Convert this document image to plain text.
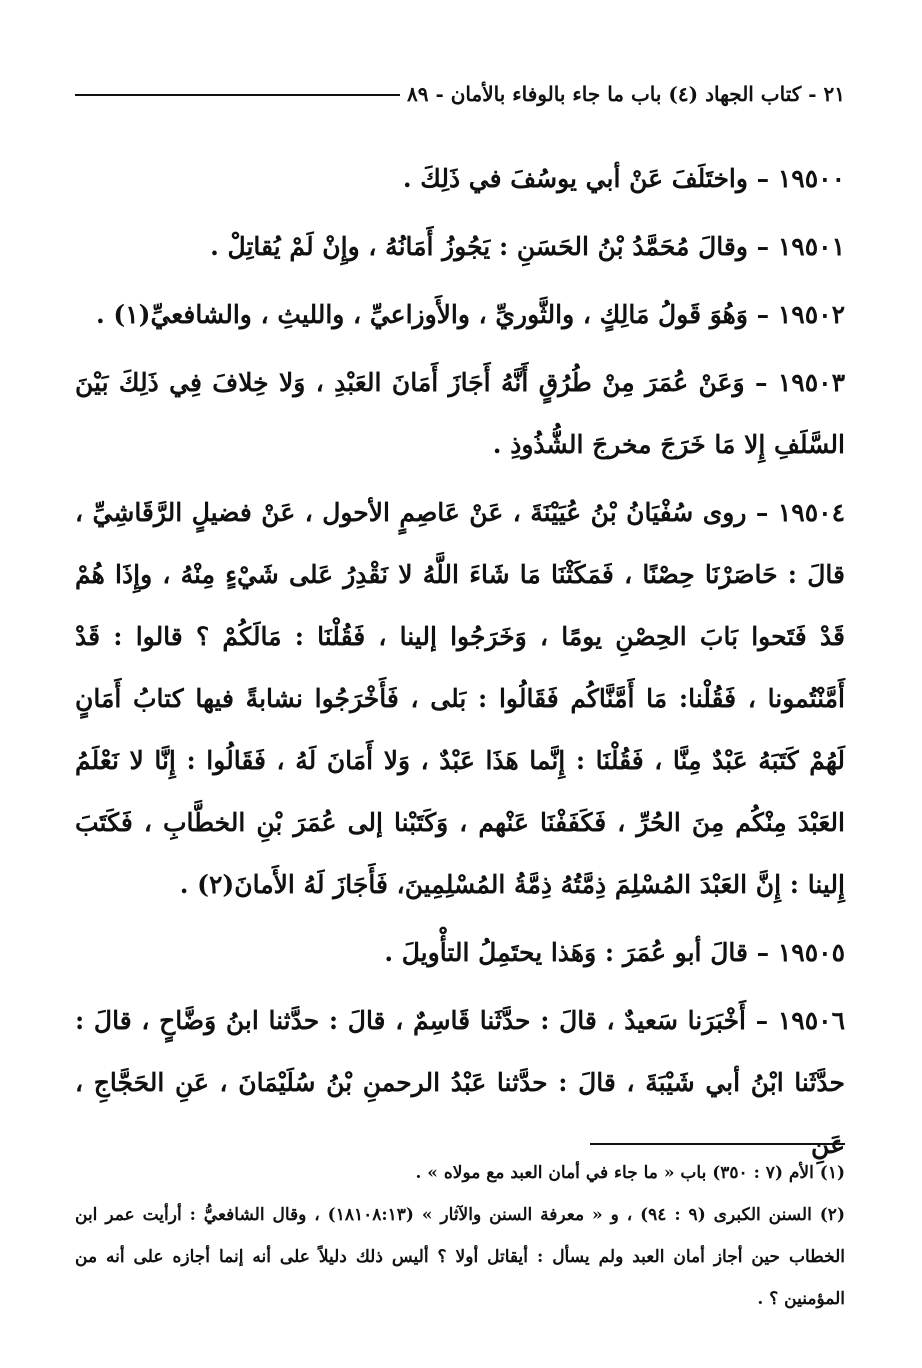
٢١ - كتاب الجهاد (٤) باب ما جاء بالوفاء بالأمان - ٨٩

١٩٥٠٠ – واختَلَفَ عَنْ أبي يوسُفَ في ذَلِكَ .

١٩٥٠١ – وقالَ مُحَمَّدُ بْنُ الحَسَنِ : يَجُوزُ أَمَانُهُ ، وإِنْ لَمْ يُقاتِلْ .

١٩٥٠٢ – وَهُوَ قَولُ مَالِكٍ ، والثَّوريِّ ، والأَوزاعيِّ ، والليثِ ، والشافعيِّ(١) .

١٩٥٠٣ – وَعَنْ عُمَرَ مِنْ طُرُقٍ أَنَّهُ أَجَازَ أَمَانَ العَبْدِ ، وَلا خِلافَ فِي ذَلِكَ بَيْنَ السَّلَفِ إِلا مَا خَرَجَ مخرجَ الشُّذُوذِ .

١٩٥٠٤ – روى سُفْيَانُ بْنُ عُيَيْنَةَ ، عَنْ عَاصِمٍ الأحول ، عَنْ فضيلٍ الرَّقَاشِيِّ ، قالَ : حَاصَرْنَا حِصْنًا ، فَمَكَثْنَا مَا شَاءَ اللَّهُ لا نَقْدِرُ عَلى شَيْءٍ مِنْهُ ، وإِذَا هُمْ قَدْ فَتَحوا بَابَ الحِصْنِ يومًا ، وَخَرَجُوا إلينا ، فَقُلْنَا : مَالَكُمْ ؟ قالوا : قَدْ أَمَّنْتُمونا ، فَقُلْنا: مَا أَمَّنَّاكُم فَقَالُوا : بَلى ، فَأَخْرَجُوا نشابةً فيها كتابُ أَمَانٍ لَهُمْ كَتَبَهُ عَبْدٌ مِنَّا ، فَقُلْنَا : إِنَّما هَذَا عَبْدٌ ، وَلا أَمَانَ لَهُ ، فَقَالُوا : إِنَّا لا نَعْلَمُ العَبْدَ مِنْكُم مِنَ الحُرِّ ، فَكَفَفْنَا عَنْهم ، وَكَتَبْنا إلى عُمَرَ بْنِ الخطَّابِ ، فَكَتَبَ إِلينا : إِنَّ العَبْدَ المُسْلِمَ ذِمَّتُهُ ذِمَّةُ المُسْلِمِينَ، فَأَجَازَ لَهُ الأَمانَ(٢) .

١٩٥٠٥ – قالَ أبو عُمَرَ : وَهَذا يحتَمِلُ التأْويلَ .

١٩٥٠٦ – أَخْبَرَنا سَعيدٌ ، قالَ : حدَّثَنا قَاسِمٌ ، قالَ : حدَّثنا ابنُ وَضَّاحٍ ، قالَ : حدَّثَنا ابْنُ أبي شَيْبَةَ ، قالَ : حدَّثنا عَبْدُ الرحمنِ بْنُ سُلَيْمَانَ ، عَنِ الحَجَّاجِ ، عَنِ

(١) الأم (٧ : ٣٥٠) باب « ما جاء في أمان العبد مع مولاه » .

(٢) السنن الكبرى (٩ : ٩٤) ، و « معرفة السنن والآثار » (١٨١٠٨:١٣) ، وقال الشافعيُّ : أرأيت عمر ابن الخطاب حين أجاز أمان العبد ولم يسأل : أيقاتل أولا ؟ أليس ذلك دليلاً على أنه إنما أجازه على أنه من المؤمنين ؟ .
